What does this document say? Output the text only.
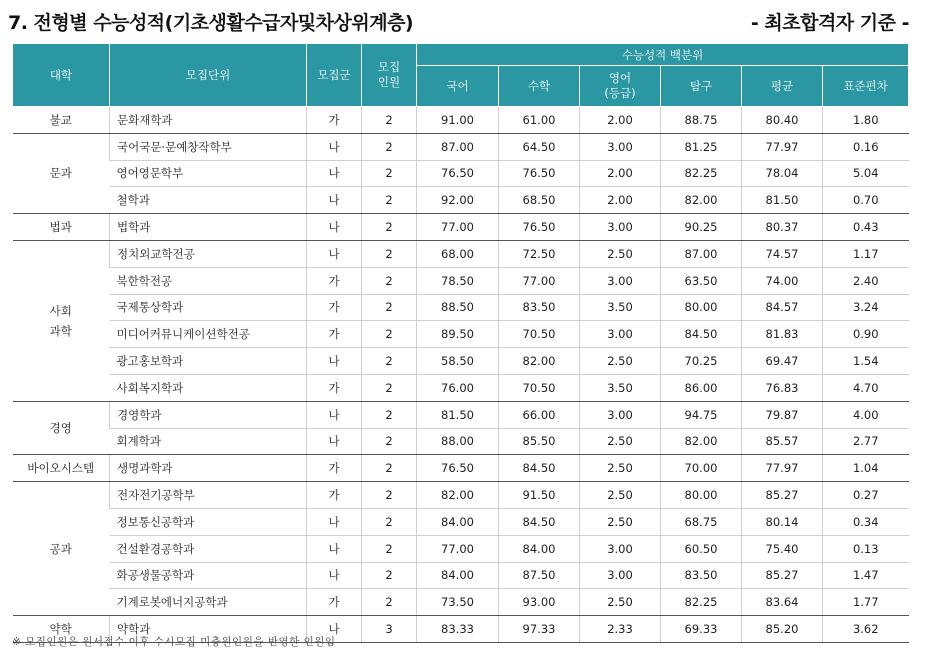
7. 전형별 수능성적(기초생활수급자및차상위계층)	- 최초합격자 기준 -
대학	모집단위	모집군	모집 인원	수능성적 백분위					
				국어	수학	영어 (등급)	탐구	평균	표준편차
불교	문화재학과	가	2	91.00	61.00	2.00	88.75	80.40	1.80
문과	국어국문·문예창작학부	나	2	87.00	64.50	3.00	81.25	77.97	0.16
	영어영문학부	나	2	76.50	76.50	2.00	82.25	78.04	5.04
	철학과	나	2	92.00	68.50	2.00	82.00	81.50	0.70
법과	법학과	나	2	77.00	76.50	3.00	90.25	80.37	0.43
사회 과학	정치외교학전공	나	2	68.00	72.50	2.50	87.00	74.57	1.17
	북한학전공	가	2	78.50	77.00	3.00	63.50	74.00	2.40
	국제통상학과	가	2	88.50	83.50	3.50	80.00	84.57	3.24
	미디어커뮤니케이션학전공	가	2	89.50	70.50	3.00	84.50	81.83	0.90
	광고홍보학과	나	2	58.50	82.00	2.50	70.25	69.47	1.54
	사회복지학과	가	2	76.00	70.50	3.50	86.00	76.83	4.70
경영	경영학과	나	2	81.50	66.00	3.00	94.75	79.87	4.00
	회계학과	나	2	88.00	85.50	2.50	82.00	85.57	2.77
바이오시스템	생명과학과	가	2	76.50	84.50	2.50	70.00	77.97	1.04
공과	전자전기공학부	가	2	82.00	91.50	2.50	80.00	85.27	0.27
	정보통신공학과	나	2	84.00	84.50	2.50	68.75	80.14	0.34
	건설환경공학과	나	2	77.00	84.00	3.00	60.50	75.40	0.13
	화공생물공학과	나	2	84.00	87.50	3.00	83.50	85.27	1.47
	기계로봇에너지공학과	가	2	73.50	93.00	2.50	82.25	83.64	1.77
약학	약학과	나	3	83.33	97.33	2.33	69.33	85.20	3.62
※ 모집인원은 원서접수 이후 수시모집 미충원인원을 반영한 인원임
